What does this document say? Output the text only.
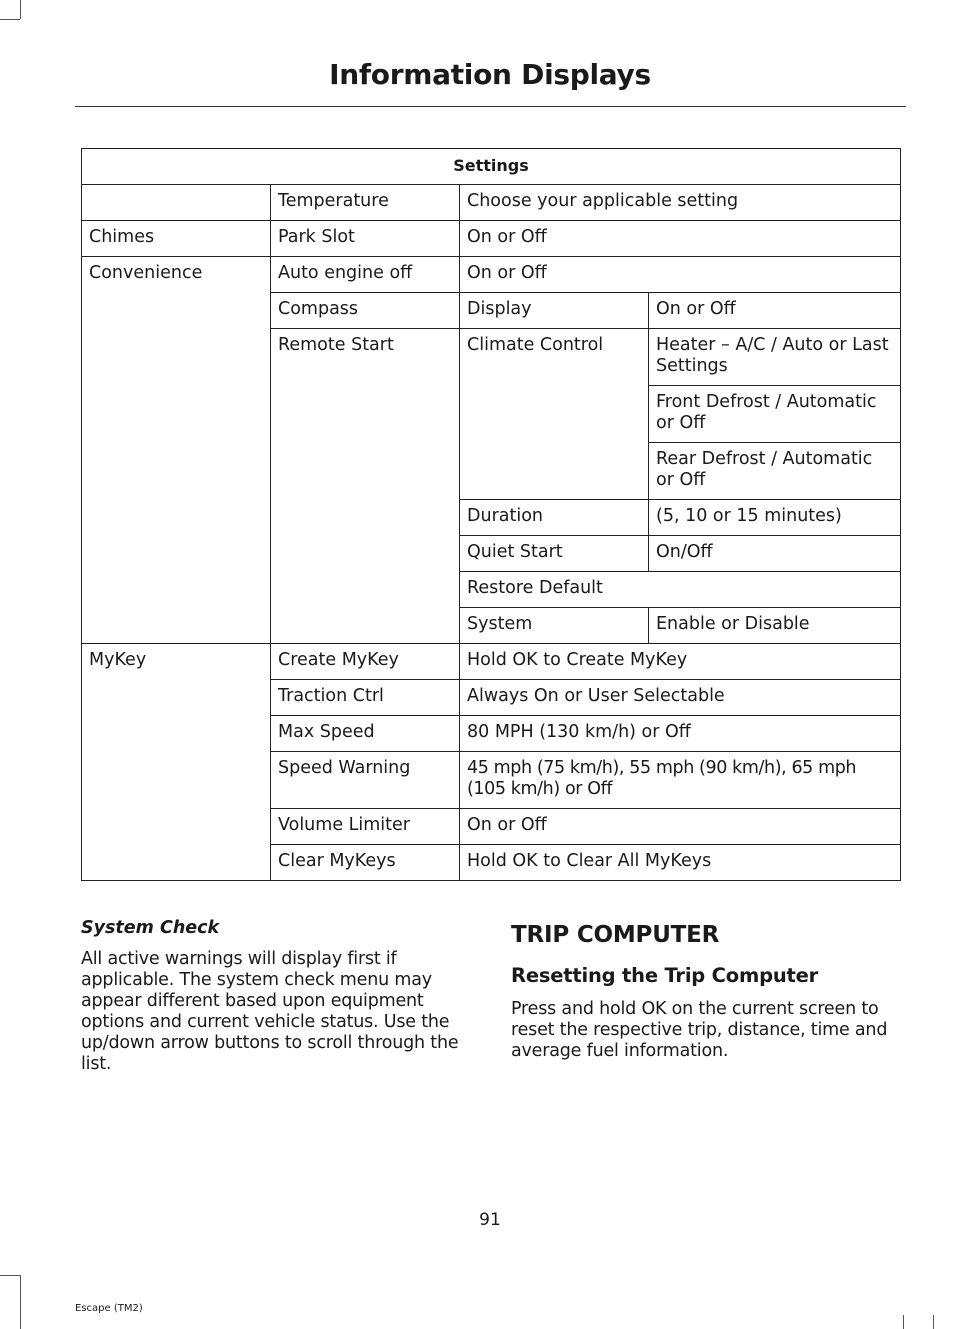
Information Displays
Settings			
	Temperature	Choose your applicable setting	
Chimes	Park Slot	On or Off	
Convenience	Auto engine off	On or Off	
	Compass	Display	On or Off
	Remote Start	Climate Control	Heater – A/C / Auto or Last Settings
			Front Defrost / Automatic or Off
			Rear Defrost / Automatic or Off
		Duration	(5, 10 or 15 minutes)
		Quiet Start	On/Off
		Restore Default	
		System	Enable or Disable
MyKey	Create MyKey	Hold OK to Create MyKey	
	Traction Ctrl	Always On or User Selectable	
	Max Speed	80 MPH (130 km/h) or Off	
	Speed Warning	45 mph (75 km/h), 55 mph (90 km/h), 65 mph (105 km/h) or Off	
	Volume Limiter	On or Off	
	Clear MyKeys	Hold OK to Clear All MyKeys	

System Check

All active warnings will display first if applicable. The system check menu may appear different based upon equipment options and current vehicle status. Use the up/down arrow buttons to scroll through the list.

TRIP COMPUTER

Resetting the Trip Computer

Press and hold OK on the current screen to reset the respective trip, distance, time and average fuel information.

91
Escape (TM2)
